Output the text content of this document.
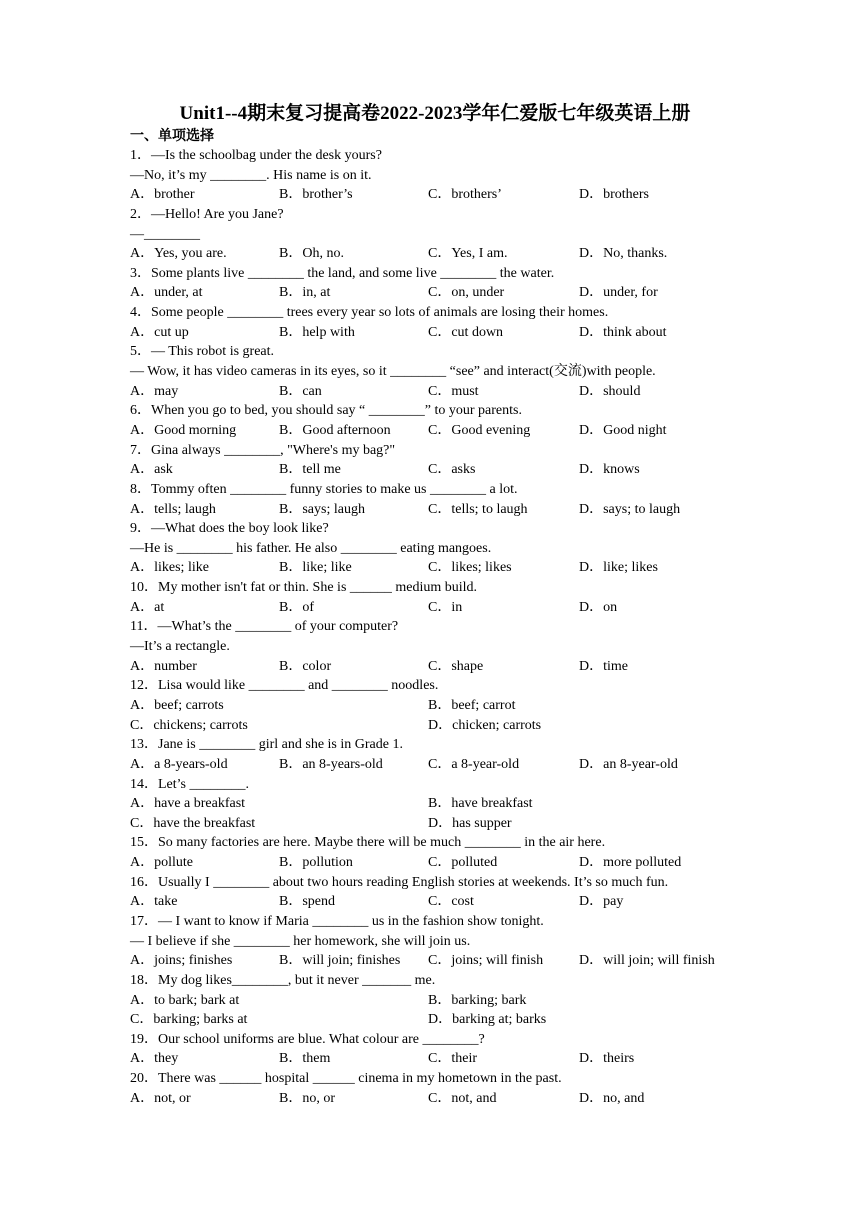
Unit1--4期末复习提高卷2022-2023学年仁爱版七年级英语上册
一、单项选择
1．—Is the schoolbag under the desk yours?
—No, it’s my ________. His name is on it.
A．brother	B．brother’s	C．brothers’	D．brothers
2．—Hello! Are you Jane?
—________
A．Yes, you are.	B．Oh, no.	C．Yes, I am.	D．No, thanks.
3．Some plants live ________ the land, and some live ________ the water.
A．under, at	B．in, at	C．on, under	D．under, for
4．Some people ________ trees every year so lots of animals are losing their homes.
A．cut up	B．help with	C．cut down	D．think about
5．— This robot is great.
— Wow, it has video cameras in its eyes, so it ________ “see” and interact(交流)with people.
A．may	B．can	C．must	D．should
6．When you go to bed, you should say “ ________” to your parents.
A．Good morning	B．Good afternoon	C．Good evening	D．Good night
7．Gina always ________, "Where's my bag?"
A．ask	B．tell me	C．asks	D．knows
8．Tommy often ________ funny stories to make us ________ a lot.
A．tells; laugh	B．says; laugh	C．tells; to laugh	D．says; to laugh
9．—What does the boy look like?
—He is ________ his father. He also ________ eating mangoes.
A．likes; like	B．like; like	C．likes; likes	D．like; likes
10．My mother isn't fat or thin. She is ______ medium build.
A．at	B．of	C．in	D．on
11．—What’s the ________ of your computer?
—It’s a rectangle.
A．number	B．color	C．shape	D．time
12．Lisa would like ________ and ________ noodles.
A．beef; carrots	B．beef; carrot
C．chickens; carrots	D．chicken; carrots
13．Jane is ________ girl and she is in Grade 1.
A．a 8-years-old	B．an 8-years-old	C．a 8-year-old	D．an 8-year-old
14．Let’s ________.
A．have a breakfast	B．have breakfast
C．have the breakfast	D．has supper
15．So many factories are here. Maybe there will be much ________ in the air here.
A．pollute	B．pollution	C．polluted	D．more polluted
16．Usually I ________ about two hours reading English stories at weekends. It’s so much fun.
A．take	B．spend	C．cost	D．pay
17．— I want to know if Maria ________ us in the fashion show tonight.
— I believe if she ________ her homework, she will join us.
A．joins; finishes	B．will join; finishes C．joins; will finish	D．will join; will finish
18．My dog likes________, but it never _______ me.
A．to bark; bark at	B．barking; bark
C．barking; barks at	D．barking at; barks
19．Our school uniforms are blue. What colour are ________?
A．they	B．them	C．their	D．theirs
20．There was ______ hospital ______ cinema in my hometown in the past.
A．not, or	B．no, or	C．not, and	D．no, and
